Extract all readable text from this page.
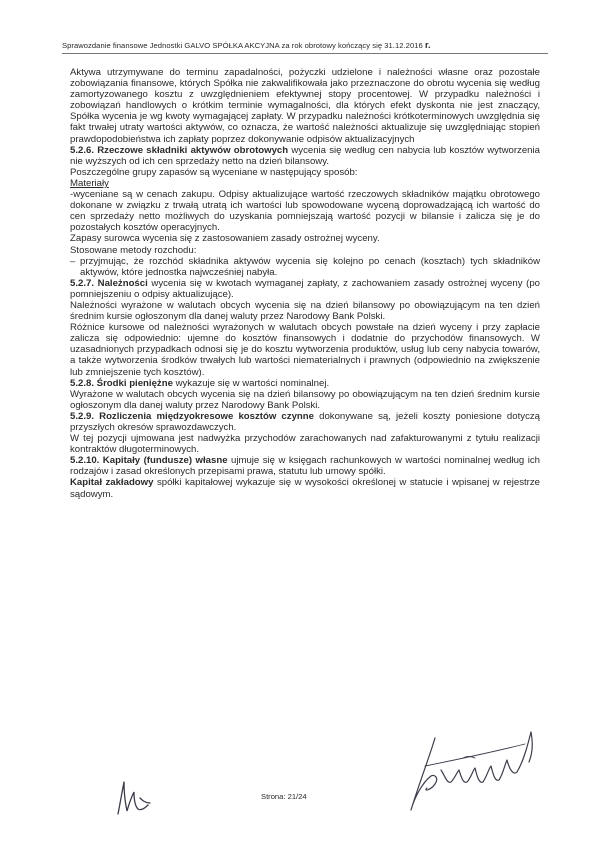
Sprawozdanie finansowe Jednostki GALVO SPÓŁKA AKCYJNA za rok obrotowy kończący się 31.12.2016 r.

Aktywa utrzymywane do terminu zapadalności, pożyczki udzielone i należności własne oraz pozostałe zobowiązania finansowe, których Spółka nie zakwalifikowała jako przeznaczone do obrotu wycenia się według zamortyzowanego kosztu z uwzględnieniem efektywnej stopy procentowej. W przypadku należności i zobowiązań handlowych o krótkim terminie wymagalności, dla których efekt dyskonta nie jest znaczący, Spółka wycenia je wg kwoty wymagającej zapłaty. W przypadku należności krótkoterminowych uwzględnia się fakt trwałej utraty wartości aktywów, co oznacza, że wartość należności aktualizuje się uwzględniając stopień prawdopodobieństwa ich zapłaty poprzez dokonywanie odpisów aktualizacyjnych

5.2.6. Rzeczowe składniki aktywów obrotowych wycenia się według cen nabycia lub kosztów wytworzenia nie wyższych od ich cen sprzedaży netto na dzień bilansowy.

Poszczególne grupy zapasów są wyceniane w następujący sposób:

Materiały

-wyceniane są w cenach zakupu. Odpisy aktualizujące wartość rzeczowych składników majątku obrotowego dokonane w związku z trwałą utratą ich wartości lub spowodowane wyceną doprowadzającą ich wartość do cen sprzedaży netto możliwych do uzyskania pomniejszają wartość pozycji w bilansie i zalicza się je do pozostałych kosztów operacyjnych.

Zapasy surowca wycenia się z zastosowaniem zasady ostrożnej wyceny.

Stosowane metody rozchodu:

– przyjmując, że rozchód składnika aktywów wycenia się kolejno po cenach (kosztach) tych składników aktywów, które jednostka najwcześniej nabyła.

5.2.7. Należności wycenia się w kwotach wymaganej zapłaty, z zachowaniem zasady ostrożnej wyceny (po pomniejszeniu o odpisy aktualizujące).

Należności wyrażone w walutach obcych wycenia się na dzień bilansowy po obowiązującym na ten dzień średnim kursie ogłoszonym dla danej waluty przez Narodowy Bank Polski.

Różnice kursowe od należności wyrażonych w walutach obcych powstałe na dzień wyceny i przy zapłacie zalicza się odpowiednio: ujemne do kosztów finansowych i dodatnie do przychodów finansowych. W uzasadnionych przypadkach odnosi się je do kosztu wytworzenia produktów, usług lub ceny nabycia towarów, a także wytworzenia środków trwałych lub wartości niematerialnych i prawnych (odpowiednio na zwiększenie lub zmniejszenie tych kosztów).

5.2.8. Środki pieniężne wykazuje się w wartości nominalnej.

Wyrażone w walutach obcych wycenia się na dzień bilansowy po obowiązującym na ten dzień średnim kursie ogłoszonym dla danej waluty przez Narodowy Bank Polski.

5.2.9. Rozliczenia międzyokresowe kosztów czynne dokonywane są, jeżeli koszty poniesione dotyczą przyszłych okresów sprawozdawczych.

W tej pozycji ujmowana jest nadwyżka przychodów zarachowanych nad zafakturowanymi z tytułu realizacji kontraktów długoterminowych.

5.2.10. Kapitały (fundusze) własne ujmuje się w księgach rachunkowych w wartości nominalnej według ich rodzajów i zasad określonych przepisami prawa, statutu lub umowy spółki.

Kapitał zakładowy spółki kapitałowej wykazuje się w wysokości określonej w statucie i wpisanej w rejestrze sądowym.

Strona: 21/24
